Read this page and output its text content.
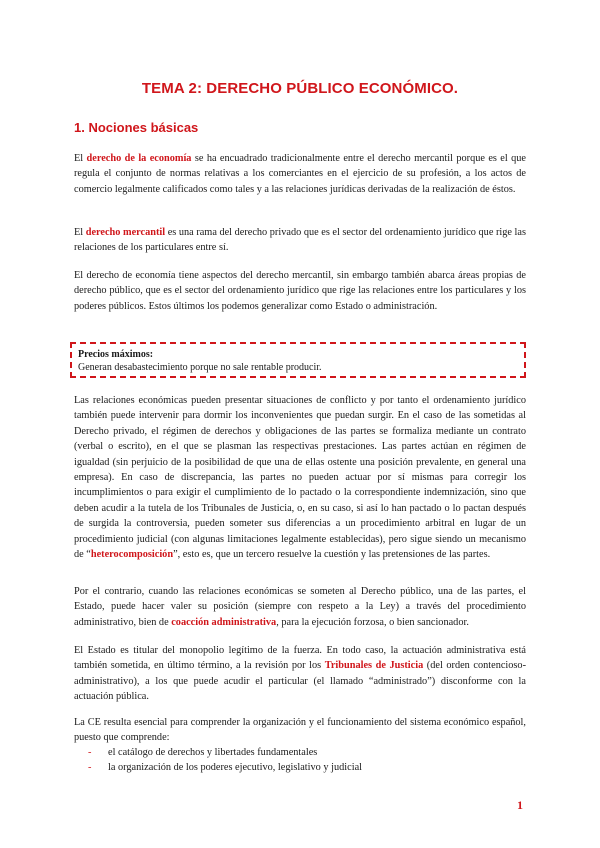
TEMA 2: DERECHO PÚBLICO ECONÓMICO.
1. Nociones básicas
El derecho de la economía se ha encuadrado tradicionalmente entre el derecho mercantil porque es el que regula el conjunto de normas relativas a los comerciantes en el ejercicio de su profesión, a los actos de comercio legalmente calificados como tales y a las relaciones jurídicas derivadas de la realización de éstos.
El derecho mercantil es una rama del derecho privado que es el sector del ordenamiento jurídico que rige las relaciones de los particulares entre sí.
El derecho de economía tiene aspectos del derecho mercantil, sin embargo también abarca áreas propias de derecho público, que es el sector del ordenamiento jurídico que rige las relaciones entre los particulares y los poderes públicos. Estos últimos los podemos generalizar como Estado o administración.
Precios máximos:
Generan desabastecimiento porque no sale rentable producir.
Las relaciones económicas pueden presentar situaciones de conflicto y por tanto el ordenamiento jurídico también puede intervenir para dormir los inconvenientes que puedan surgir. En el caso de las sometidas al Derecho privado, el régimen de derechos y obligaciones de las partes se formaliza mediante un contrato (verbal o escrito), en el que se plasman las respectivas prestaciones. Las partes actúan en régimen de igualdad (sin perjuicio de la posibilidad de que una de ellas ostente una posición prevalente, en general una empresa). En caso de discrepancia, las partes no pueden actuar por sí mismas para corregir los incumplimientos o para exigir el cumplimiento de lo pactado o la correspondiente indemnización, sino que deben acudir a la tutela de los Tribunales de Justicia, o, en su caso, si así lo han pactado o lo pactan después de surgida la controversia, pueden someter sus diferencias a un procedimiento arbitral en lugar de un procedimiento judicial (con algunas limitaciones legalmente establecidas), pero sigue siendo un mecanismo de “heterocomposición”, esto es, que un tercero resuelve la cuestión y las pretensiones de las partes.
Por el contrario, cuando las relaciones económicas se someten al Derecho público, una de las partes, el Estado, puede hacer valer su posición (siempre con respeto a la Ley) a través del procedimiento administrativo, bien de coacción administrativa, para la ejecución forzosa, o bien sancionador.
El Estado es titular del monopolio legítimo de la fuerza. En todo caso, la actuación administrativa está también sometida, en último término, a la revisión por los Tribunales de Justicia (del orden contencioso-administrativo), a los que puede acudir el particular (el llamado “administrado”) disconforme con la actuación pública.
La CE resulta esencial para comprender la organización y el funcionamiento del sistema económico español, puesto que comprende:
- el catálogo de derechos y libertades fundamentales
- la organización de los poderes ejecutivo, legislativo y judicial
1
